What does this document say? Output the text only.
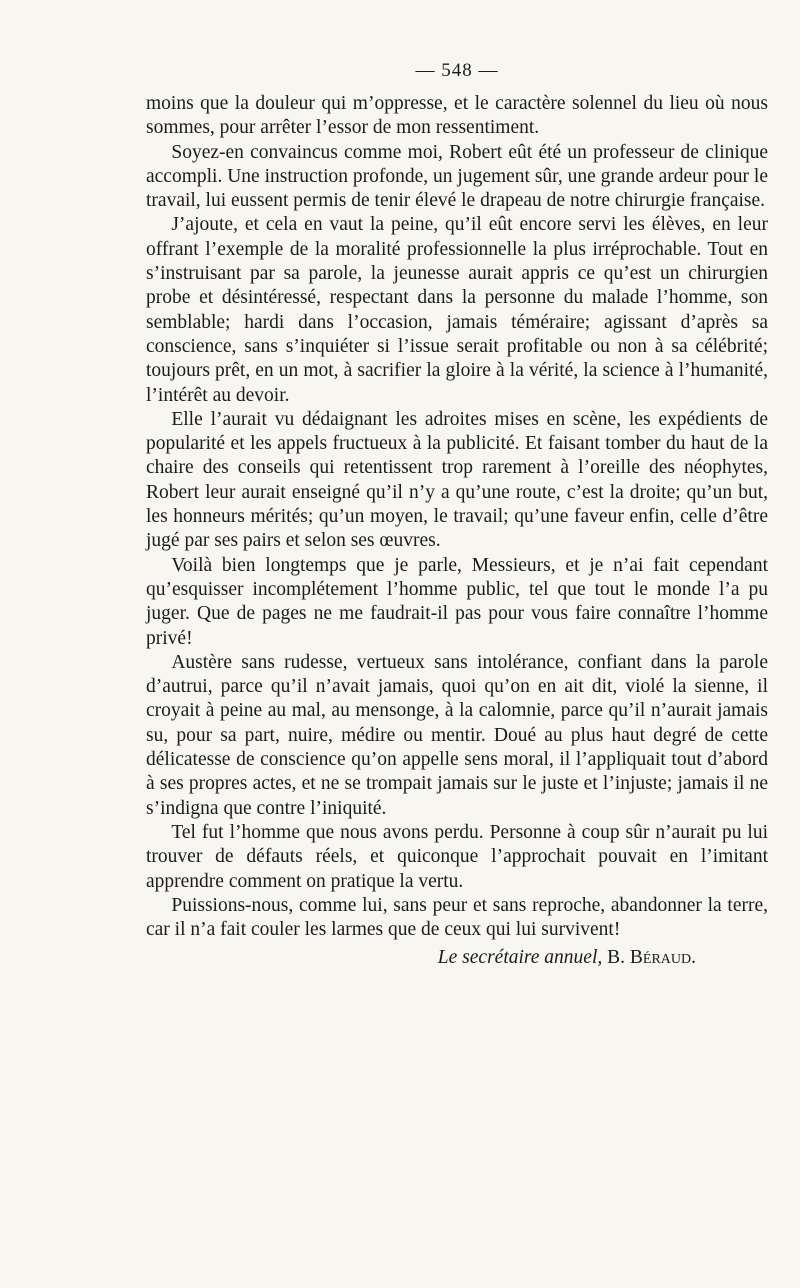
— 548 —

moins que la douleur qui m’oppresse, et le caractère solennel du lieu où nous sommes, pour arrêter l’essor de mon ressentiment.

Soyez-en convaincus comme moi, Robert eût été un professeur de clinique accompli. Une instruction profonde, un jugement sûr, une grande ardeur pour le travail, lui eussent permis de tenir élevé le drapeau de notre chirurgie française.

J’ajoute, et cela en vaut la peine, qu’il eût encore servi les élèves, en leur offrant l’exemple de la moralité professionnelle la plus irréprochable. Tout en s’instruisant par sa parole, la jeunesse aurait appris ce qu’est un chirurgien probe et désintéressé, respectant dans la personne du malade l’homme, son semblable; hardi dans l’occasion, jamais téméraire; agissant d’après sa conscience, sans s’inquiéter si l’issue serait profitable ou non à sa célébrité; toujours prêt, en un mot, à sacrifier la gloire à la vérité, la science à l’humanité, l’intérêt au devoir.

Elle l’aurait vu dédaignant les adroites mises en scène, les expédients de popularité et les appels fructueux à la publicité. Et faisant tomber du haut de la chaire des conseils qui retentissent trop rarement à l’oreille des néophytes, Robert leur aurait enseigné qu’il n’y a qu’une route, c’est la droite; qu’un but, les honneurs mérités; qu’un moyen, le travail; qu’une faveur enfin, celle d’être jugé par ses pairs et selon ses œuvres.

Voilà bien longtemps que je parle, Messieurs, et je n’ai fait cependant qu’esquisser incomplétement l’homme public, tel que tout le monde l’a pu juger. Que de pages ne me faudrait-il pas pour vous faire connaître l’homme privé!

Austère sans rudesse, vertueux sans intolérance, confiant dans la parole d’autrui, parce qu’il n’avait jamais, quoi qu’on en ait dit, violé la sienne, il croyait à peine au mal, au mensonge, à la calomnie, parce qu’il n’aurait jamais su, pour sa part, nuire, médire ou mentir. Doué au plus haut degré de cette délicatesse de conscience qu’on appelle sens moral, il l’appliquait tout d’abord à ses propres actes, et ne se trompait jamais sur le juste et l’injuste; jamais il ne s’indigna que contre l’iniquité.

Tel fut l’homme que nous avons perdu. Personne à coup sûr n’aurait pu lui trouver de défauts réels, et quiconque l’approchait pouvait en l’imitant apprendre comment on pratique la vertu.

Puissions-nous, comme lui, sans peur et sans reproche, abandonner la terre, car il n’a fait couler les larmes que de ceux qui lui survivent!

Le secrétaire annuel, B. Béraud.
